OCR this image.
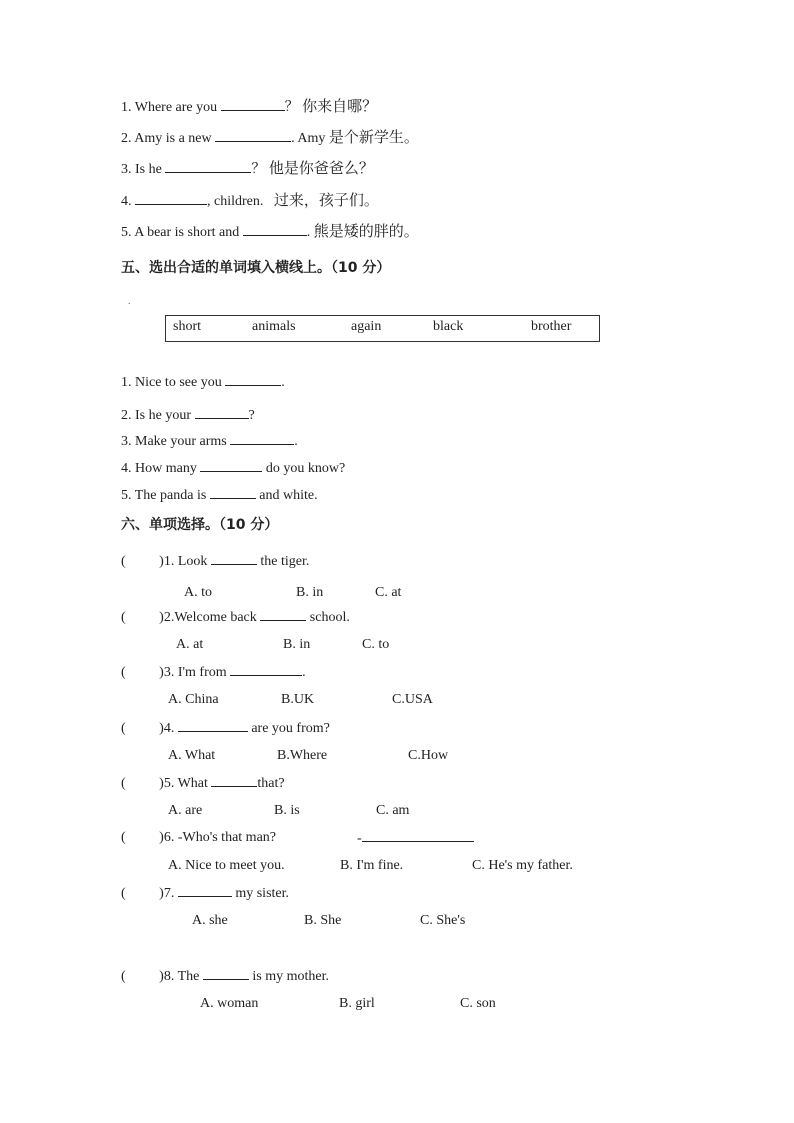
1. Where are you	？ 你来自哪？
2. Amy is a new	. Amy 是个新学生。
3. Is he	？ 他是你爸爸么？
4.	, children. 过来，孩子们。
5. A bear is short and	. 熊是矮的胖的。
五、选出合适的单词填入横线上。（10 分）
.
short	animals	again	black	brother
1. Nice to see you	.
2. Is he your	?
3. Make your arms	.
4. How many	do you know?
5. The panda is	and white.
六、单项选择。（10 分）
( )1. Look	the tiger.
A. to	B. in	C. at
( )2.Welcome back	school.
A. at	B. in	C. to
( )3. I'm from	.
A. China	B.UK	C.USA
( )4.	are you from?
A. What	B.Where	C.How
( )5. What	that?
A. are	B. is	C. am
( )6. -Who's that man?	-
A. Nice to meet you.	B. I'm fine.	C. He's my father.
( )7.	my sister.
A. she	B. She	C. She's
( )8. The	is my mother.
A. woman	B. girl	C. son
